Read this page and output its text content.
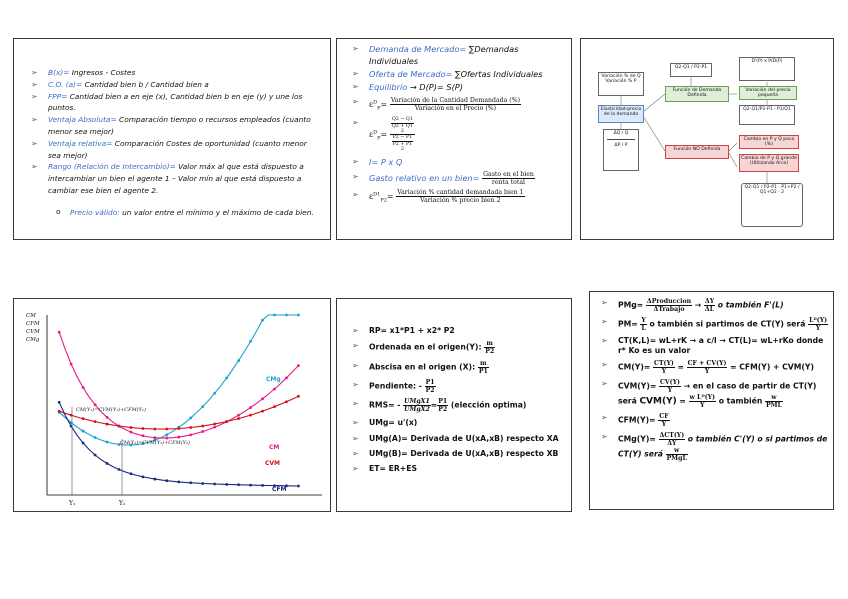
➢ B(x)= Ingresos - Costes
➢ C.O. (a)= Cantidad bien b / Cantidad bien a
➢ FPP= Cantidad bien a en eje (x), Cantidad bien b en eje (y) y une los puntos.
➢ Ventaja Absoluta= Comparación tiempo o recursos empleados (cuanto menor sea mejor)
➢ Ventaja relativa= Comparación Costes de oportunidad (cuanto menor sea mejor)
➢ Rango (Relación de Intercambio)= Valor máx al que está dispuesto a intercambiar un bien el agente 1 – Valor mín al que está dispuesto a cambiar ese bien el agente 2.
o Precio válido: un valor entre el mínimo y el máximo de cada bien.
➢ Demanda de Mercado= ∑Demandas Individuales
➢ Oferta de Mercado= ∑Ofertas Individuales
➢ Equilibrio → D(P)= S(P)
➢ $\varepsilon^D_P= \frac{\text{Variación de la Cantidad Demandada (\%)}}{\text{Variación en el Precio (\%)}}$
➢ $\varepsilon^D_P=$
$\frac{Q2 - Q1}{Q2 + Q1}$

2
$\frac{P2 - P1}{P2 + P1}$

2
➢ I= P x Q
➢ Gasto relativo en un bien= $\frac{\text{Gasto en el bien}}{\text{renta total}}$
➢ $\varepsilon^{D1}_{P2}= \frac{\text{Variación \% cantidad demandada bien 1}}{\text{Variación \% precio bien 2}}$
Variación % de Q Variación % P
Elasticidad-precio de la demanda
ΔQ / Q
ΔP / P
Q2-Q1 / P2-P1
Función de Demanda Definida
Función NO Definida
D'(P) x P/D(P)
Variación del precio pequeña
Q2-Q1/P2-P1 · P1/Q1
Cambio en P y Q poco (%)
Cambio de P y Q grande (Utilizando Arco)
Q2-Q1 / P2-P1 · P1+P2 / Q1+Q2 · 2
CM
CFM
CVM
CMg
CMg
CM
CVM
CFM
CM(Y₁)=CVM(Y₁)+CFM(Y₁)
CM(Y₂)=CVM(Y₂)+CFM(Y₂)
Y₁	Y₂
➢ RP= x1*P1 + x2* P2
➢ Ordenada en el origen(Y): $\frac{m}{P2}$
➢ Abscisa en el origen (X): $\frac{m}{P1}$
➢ Pendiente: - $\frac{P1}{P2}$
➢ $RMS= - \frac{\text{UMgX1}}{\text{UMgX2}} = \frac{P1}{P2}$ (elección optima)
➢ UMg= u'(x)
➢ UMg(A)= Derivada de U(xA,xB) respecto XA
➢ UMg(B)= Derivada de U(xA,xB) respecto XB
➢ ET= ER+ES
➢ $PMg= \frac{\text{ΔProduccion}}{\text{ΔTrabajo}} \to \frac{\Delta Y}{\Delta L}$ o también F'(L)
➢ $PM= \frac{Y}{L}$ o también si partimos de CT(Y) será $\frac{\text{Lᴰ(Y)}}{Y}$
➢ CT(K,L)= wL+rK → a c/l → CT(L)= wL+rKo donde r* Ko es un valor
➢ $CM(Y)= \frac{CT(Y)}{Y} = \frac{CF + CV(Y)}{Y} = CFM(Y) + CVM(Y)$
➢ $CVM(Y)= \frac{CV(Y)}{Y}$ → en el caso de partir de CT(Y) será $CVM(Y) = \frac{\text{w Lᴰ(Y)}}{Y}$ o también $\frac{w}{\text{PML}}$
➢ $CFM(Y)= \frac{CF}{Y}$
➢ $CMg(Y)= \frac{\text{ΔCT(Y)}}{\Delta Y}$ o también C'(Y) o si partimos de CT(Y) será $\frac{w}{\text{PMgL}}$
